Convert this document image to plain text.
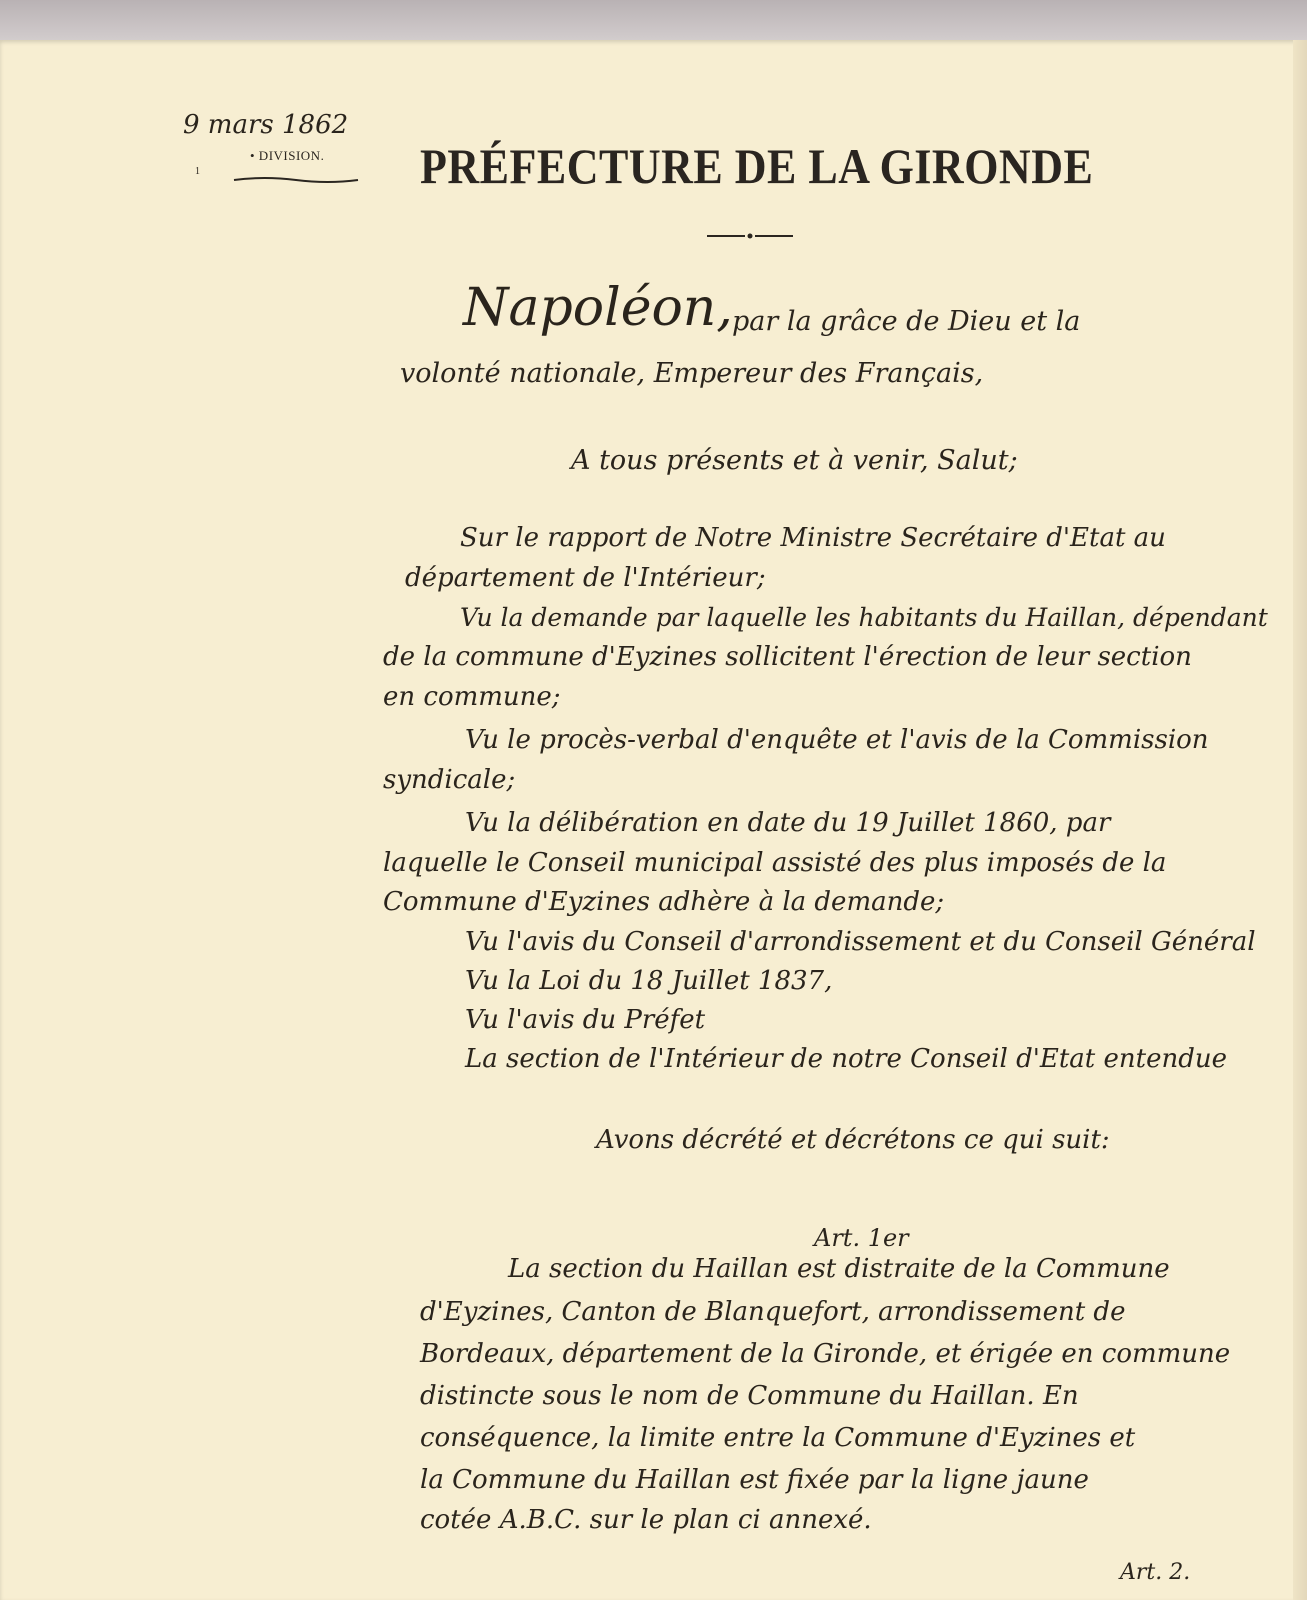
9 mars 1862
• DIVISION.
1	PRÉFECTURE DE LA GIRONDE
Napoléon, par la grâce de Dieu et la
volonté nationale, Empereur des Français,
A tous présents et à venir, Salut;
Sur le rapport de Notre Ministre Secrétaire d'Etat au
département de l'Intérieur;
Vu la demande par laquelle les habitants du Haillan, dépendant
de la commune d'Eyzines sollicitent l'érection de leur section
en commune;
Vu le procès-verbal d'enquête et l'avis de la Commission
syndicale;
Vu la délibération en date du 19 Juillet 1860, par
laquelle le Conseil municipal assisté des plus imposés de la
Commune d'Eyzines adhère à la demande;
Vu l'avis du Conseil d'arrondissement et du Conseil Général
Vu la Loi du 18 Juillet 1837,
Vu l'avis du Préfet
La section de l'Intérieur de notre Conseil d'Etat entendue
Avons décrété et décrétons ce qui suit:
Art. 1er
La section du Haillan est distraite de la Commune
d'Eyzines, Canton de Blanquefort, arrondissement de
Bordeaux, département de la Gironde, et érigée en commune
distincte sous le nom de Commune du Haillan. En
conséquence, la limite entre la Commune d'Eyzines et
la Commune du Haillan est fixée par la ligne jaune
cotée A.B.C. sur le plan ci annexé.
Art. 2.
